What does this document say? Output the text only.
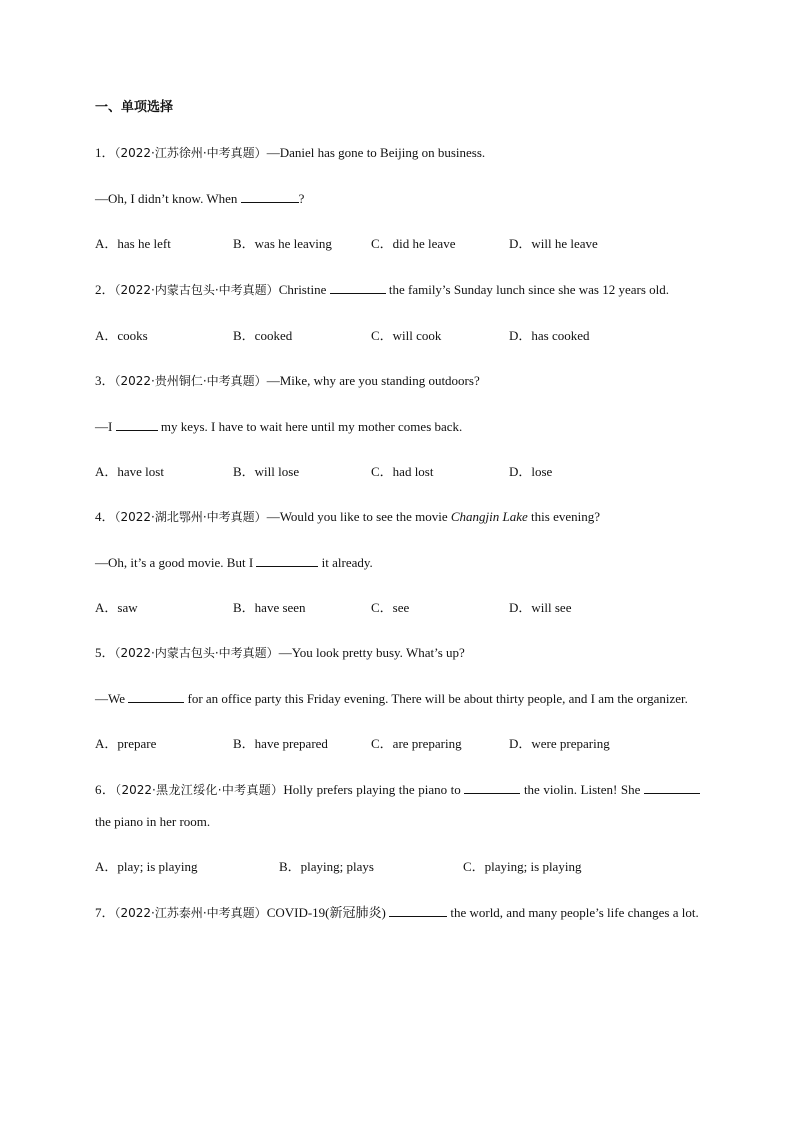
一、单项选择
1．（2022·江苏徐州·中考真题）—Daniel has gone to Beijing on business.
—Oh, I didn’t know. When	?
A．has he left	B．was he leaving	C．did he leave	D．will he leave
2．（2022·内蒙古包头·中考真题）Christine	the family’s Sunday lunch since she was 12 years old.
A．cooks	B．cooked	C．will cook	D．has cooked
3．（2022·贵州铜仁·中考真题）—Mike, why are you standing outdoors?
—I	my keys. I have to wait here until my mother comes back.
A．have lost	B．will lose	C．had lost	D．lose
4．（2022·湖北鄂州·中考真题）—Would you like to see the movie Changjin Lake this evening?
—Oh, it’s a good movie. But I	it already.
A．saw	B．have seen	C．see	D．will see
5．（2022·内蒙古包头·中考真题）—You look pretty busy. What’s up?
—We	for an office party this Friday evening. There will be about thirty people, and I am the organizer.
A．prepare	B．have prepared	C．are preparing	D．were preparing
6．（2022·黑龙江绥化·中考真题）Holly prefers playing the piano to	the violin. Listen! She  the piano in her room.
A．play; is playing	B．playing; plays	C．playing; is playing
7．（2022·江苏泰州·中考真题）COVID-19(新冠肺炎)	the world, and many people’s life changes a lot.
